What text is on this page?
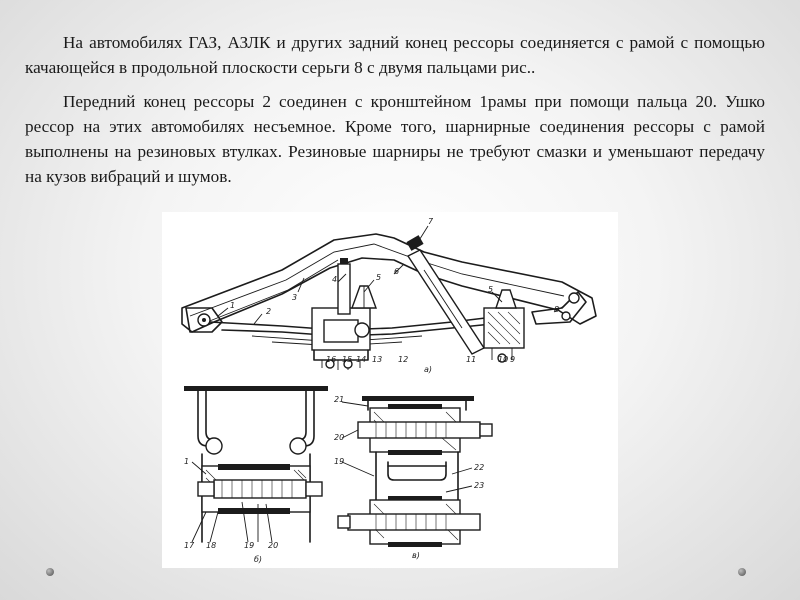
На автомобилях ГАЗ, АЗЛК и других задний конец рессоры соединяется с рамой с помощью качающейся в продольной плоскости серьги 8 с двумя пальцами рис..

Передний конец рессоры 2 соединен с кронштейном 1рамы при помощи пальца 20. Ушко рессор на этих автомобилях несъемное. Кроме того, шарнирные соединения рессоры с рамой выполнены на резиновых втулках. Резиновые шарниры не требуют смазки и уменьшают передачу на кузов вибраций и шумов.

1
2
3
4	5
6
7
5
8
9
10
11
12
13
14
15
16
а)
1
17 18	19 20
б)
21
20
19
22
23
в)
